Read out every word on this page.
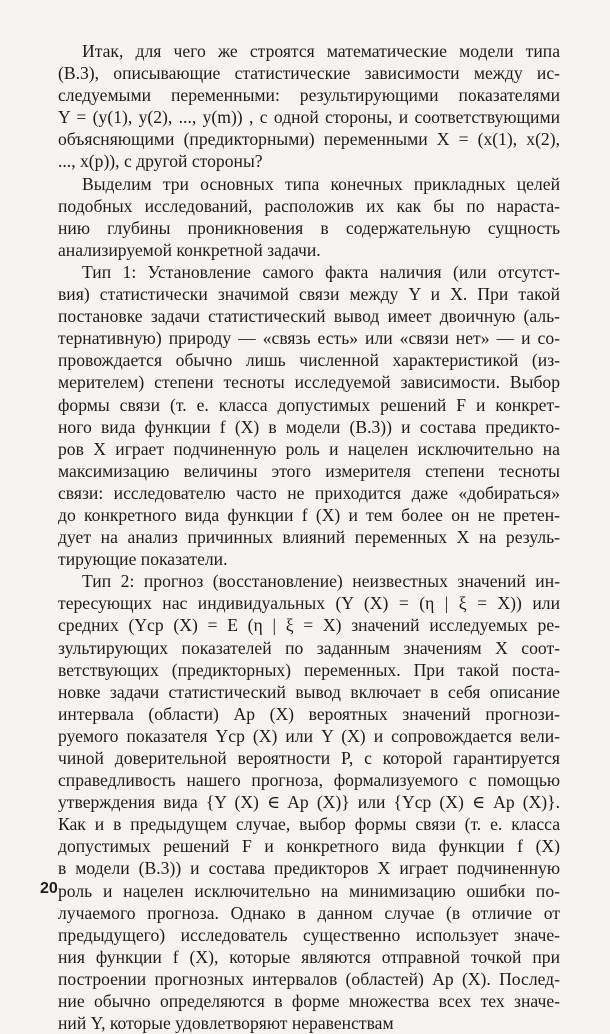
Итак, для чего же строятся математические модели типа
(В.3), описывающие статистические зависимости между ис-
следуемыми переменными: результирующими показателями
Y = (y(1), y(2), ..., y(m)) , с одной стороны, и соответствующими
объясняющими (предикторными) переменными X = (x(1), x(2),
..., x(p)), с другой стороны?
Выделим три основных типа конечных прикладных целей
подобных исследований, расположив их как бы по нараста-
нию глубины проникновения в содержательную сущность
анализируемой конкретной задачи.
Тип 1: Установление самого факта наличия (или отсутст-
вия) статистически значимой связи между Y и X. При такой
постановке задачи статистический вывод имеет двоичную (аль-
тернативную) природу — «связь есть» или «связи нет» — и со-
провождается обычно лишь численной характеристикой (из-
мерителем) степени тесноты исследуемой зависимости. Выбор
формы связи (т. е. класса допустимых решений F и конкрет-
ного вида функции f (X) в модели (В.3)) и состава предикто-
ров X играет подчиненную роль и нацелен исключительно на
максимизацию величины этого измерителя степени тесноты
связи: исследователю часто не приходится даже «добираться»
до конкретного вида функции f (X) и тем более он не претен-
дует на анализ причинных влияний переменных X на резуль-
тирующие показатели.
Тип 2: прогноз (восстановление) неизвестных значений ин-
тересующих нас индивидуальных (Y (X) = (η | ξ = X)) или
средних (Yср (X) = E (η | ξ = X) значений исследуемых ре-
зультирующих показателей по заданным значениям X соот-
ветствующих (предикторных) переменных. При такой поста-
новке задачи статистический вывод включает в себя описание
интервала (области) Ap (X) вероятных значений прогнози-
руемого показателя Yср (X) или Y (X) и сопровождается вели-
чиной доверительной вероятности P, с которой гарантируется
справедливость нашего прогноза, формализуемого с помощью
утверждения вида {Y (X) ∈ Ap (X)} или {Yср (X) ∈ Ap (X)}.
Как и в предыдущем случае, выбор формы связи (т. е. класса
допустимых решений F и конкретного вида функции f (X)
в модели (В.3)) и состава предикторов X играет подчиненную
роль и нацелен исключительно на минимизацию ошибки по-
лучаемого прогноза. Однако в данном случае (в отличие от
предыдущего) исследователь существенно использует значе-
ния функции f (X), которые являются отправной точкой при
построении прогнозных интервалов (областей) Ap (X). Послед-
ние обычно определяются в форме множества всех тех значе-
ний Y, которые удовлетворяют неравенствам
20
